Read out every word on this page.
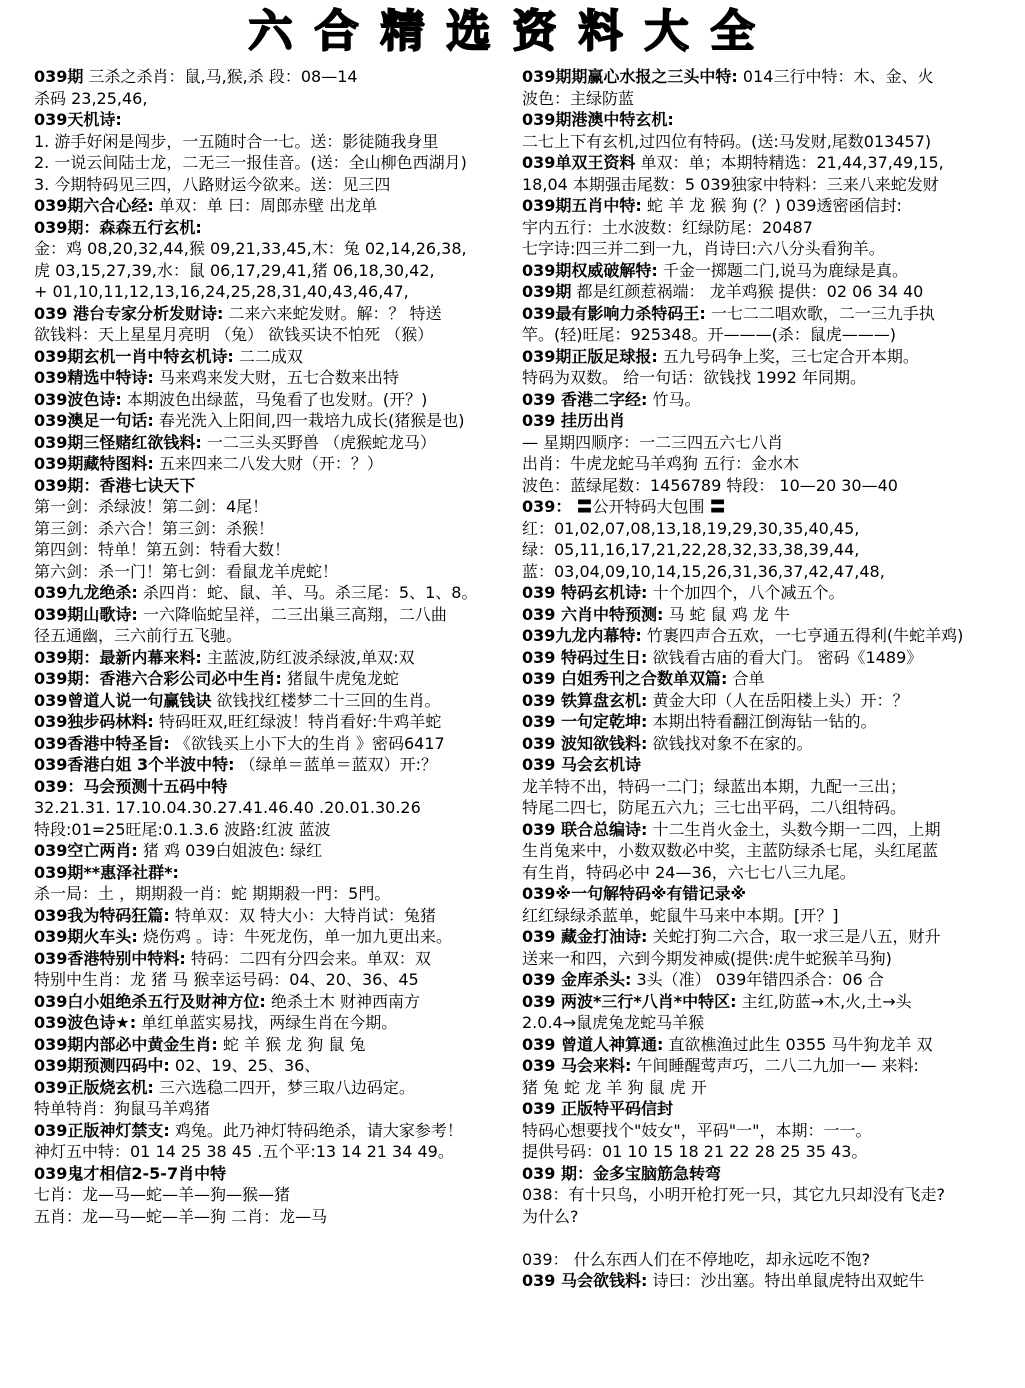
六合精选资料大全
039期 三杀之杀肖：鼠,马,猴,杀 段：08—14
杀码 23,25,46,
039天机诗:
1. 游手好闲是闯步，一五随时合一七。送：影徒随我身里
2. 一说云间陆士龙，二无三一报佳音。(送：全山柳色西湖月)
3. 今期特码见三四，八路财运今欲来。送：见三四
039期六合心经: 单双：单 曰：周郎赤壁 出龙单
039期：森森五行玄机:
金：鸡 08,20,32,44,猴 09,21,33,45,木：兔 02,14,26,38,
虎 03,15,27,39,水：鼠 06,17,29,41,猪 06,18,30,42,
+ 01,10,11,12,13,16,24,25,28,31,40,43,46,47,
039 港台专家分析发财诗: 二来六来蛇发财。解：？ 特送
欲钱料：天上星星月亮明 （兔） 欲钱买诀不怕死 （猴）
039期玄机一肖中特玄机诗: 二二成双
039精选中特诗: 马来鸡来发大财，五七合数来出特
039波色诗: 本期波色出绿蓝，马兔看了也发财。(开？)
039澳足一句话: 春光洗入上阳间,四一栽培九成长(猪猴是也)
039期三怪赌红欲钱料: 一二三头买野兽 （虎猴蛇龙马）
039期藏特图料: 五来四来二八发大财（开：？）
039期：香港七诀天下
第一剑：杀绿波！第二剑：4尾！
第三剑：杀六合！第三剑：杀猴！
第四剑：特单！第五剑：特看大数！
第六剑：杀一门！第七剑：看鼠龙羊虎蛇！
039九龙绝杀: 杀四肖：蛇、鼠、羊、马。杀三尾：5、1、8。
039期山歌诗: 一六降临蛇呈祥，二三出巢三高翔，二八曲
径五通幽，三六前行五飞驰。
039期：最新内幕来料: 主蓝波,防红波杀绿波,单双:双
039期：香港六合彩公司必中生肖: 猪鼠牛虎兔龙蛇
039曾道人说一句赢钱诀 欲钱找红楼梦二十三回的生肖。
039独步码林料: 特码旺双,旺红绿波！特肖看好:牛鸡羊蛇
039香港中特圣旨: 《欲钱买上小下大的生肖 》密码6417
039香港白姐 3个半波中特: （绿单＝蓝单＝蓝双）开:？
039：马会预测十五码中特
32.21.31. 17.10.04.30.27.41.46.40 .20.01.30.26
特段:01=25旺尾:0.1.3.6 波路:红波 蓝波
039空亡两肖: 猪 鸡 039白姐波色: 绿红
039期**惠泽社群*:
杀一局：土 ，期期殺一肖：蛇 期期殺一門：5門。
039我为特码狂篇: 特单双：双 特大小：大特肖试：兔猪
039期火车头: 烧伤鸡 。诗：牛死龙伤，单一加九更出来。
039香港特别中特料: 特码：二四有分四会来。单双：双
特别中生肖：龙 猪 马 猴幸运号码：04、20、36、45
039白小姐绝杀五行及财神方位: 绝杀土木 财神西南方
039波色诗★: 单红单蓝实易找，两绿生肖在今期。
039期内部必中黄金生肖: 蛇 羊 猴 龙 狗 鼠 兔
039期预测四码中: 02、19、25、36、
039正版烧玄机: 三六选稳二四开，梦三取八边码定。
特单特肖：狗鼠马羊鸡猪
039正版神灯禁支: 鸡兔。此乃神灯特码绝杀，请大家参考！
神灯五中特：01 14 25 38 45 .五个平:13 14 21 34 49。
039鬼才相信2-5-7肖中特
七肖：龙—马—蛇—羊—狗—猴—猪
五肖：龙—马—蛇—羊—狗 二肖：龙—马
039期期赢心水报之三头中特: 014三行中特：木、金、火
波色：主绿防蓝
039期港澳中特玄机:
二七上下有玄机,过四位有特码。(送:马发财,尾数013457)
039单双王资料 单双：单；本期特精选：21,44,37,49,15,
18,04 本期强击尾数：5 039独家中特料：三来八来蛇发财
039期五肖中特: 蛇 羊 龙 猴 狗 (？) 039透密函信封:
宇内五行：土水波数：红绿防尾：20487
七字诗:四三并二到一九，肖诗曰:六八分头看狗羊。
039期权威破解特: 千金一掷题二门,说马为鹿绿是真。
039期 都是红颜惹祸端： 龙羊鸡猴 提供：02 06 34 40
039最有影响力杀特码王: 一七二二唱欢歌，二一三九手执
竿。(轻)旺尾：925348。开———(杀：鼠虎———)
039期正版足球报: 五九号码争上奖，三七定合开本期。
特码为双数。 给一句话：欲钱找 1992 年同期。
039 香港二字经: 竹马。
039 挂历出肖
— 星期四顺序：一二三四五六七八肖
出肖：牛虎龙蛇马羊鸡狗 五行：金水木
波色：蓝绿尾数：1456789 特段： 10—20 30—40
039： 〓公开特码大包围 〓
红：01,02,07,08,13,18,19,29,30,35,40,45,
绿：05,11,16,17,21,22,28,32,33,38,39,44,
蓝：03,04,09,10,14,15,26,31,36,37,42,47,48,
039 特码玄机诗: 十个加四个，八个减五个。
039 六肖中特预测: 马 蛇 鼠 鸡 龙 牛
039九龙内幕特: 竹裹四声合五欢，一七亨通五得利(牛蛇羊鸡)
039 特码过生日: 欲钱看古庙的看大门。 密码《1489》
039 白姐秀刊之合数单双篇: 合单
039 铁算盘玄机: 黄金大印（人在岳阳楼上头）开：？
039 一句定乾坤: 本期出特看翻江倒海钻一钻的。
039 波知欲钱料: 欲钱找对象不在家的。
039 马会玄机诗
龙羊特不出，特码一二门；绿蓝出本期，九配一三出；
特尾二四七，防尾五六九；三七出平码，二八组特码。
039 联合总编诗: 十二生肖火金土，头数今期一二四，上期
生肖兔来中，小数双数必中奖，主蓝防绿杀七尾，头红尾蓝
有生肖，特码必中 24—36，六七七八三九尾。
039※一句解特码※有错记录※
红红绿绿杀蓝单，蛇鼠牛马来中本期。[开？]
039 藏金打油诗: 关蛇打狗二六合，取一求三是八五，财升
送来一和四，六到今期发神威(提供:虎牛蛇猴羊马狗)
039 金库杀头: 3头（准） 039年错四杀合：06 合
039 两波*三行*八肖*中特区: 主红,防蓝→木,火,土→头
2.0.4→鼠虎兔龙蛇马羊猴
039 曾道人神算通: 直欲樵渔过此生 0355 马牛狗龙羊 双
039 马会来料: 午间睡醒莺声巧，二八二九加一— 来料:
猪 兔 蛇 龙 羊 狗 鼠 虎 开
039 正版特平码信封
特码心想要找个"妓女"，平码"一"，本期：一一。
提供号码：01 10 15 18 21 22 28 25 35 43。
039 期：金多宝脑筋急转弯
038：有十只鸟，小明开枪打死一只，其它九只却没有飞走?
为什么?
039： 什么东西人们在不停地吃，却永远吃不饱?
039 马会欲钱料: 诗曰：沙出塞。特出单鼠虎特出双蛇牛
